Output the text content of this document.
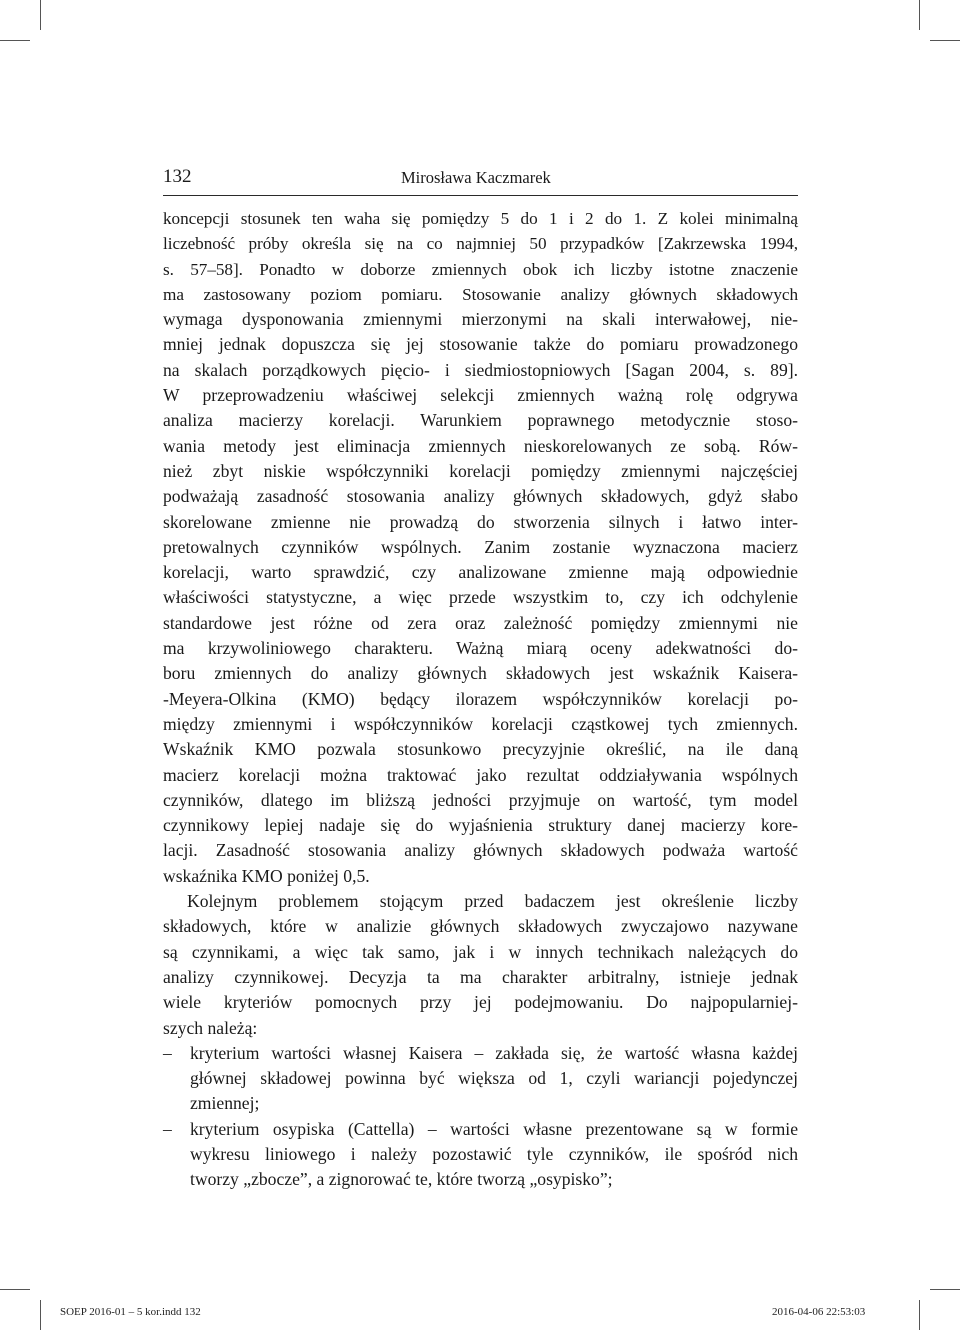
132	Mirosława Kaczmarek
koncepcji stosunek ten waha się pomiędzy 5 do 1 i 2 do 1. Z kolei minimalną
liczebność próby określa się na co najmniej 50 przypadków [Zakrzewska 1994,
s. 57–58]. Ponadto w doborze zmiennych obok ich liczby istotne znaczenie
ma zastosowany poziom pomiaru. Stosowanie analizy głównych składowych
wymaga dysponowania zmiennymi mierzonymi na skali interwałowej, nie-
mniej jednak dopuszcza się jej stosowanie także do pomiaru prowadzonego
na skalach porządkowych pięcio- i siedmiostopniowych [Sagan 2004, s. 89].
W przeprowadzeniu właściwej selekcji zmiennych ważną rolę odgrywa
analiza macierzy korelacji. Warunkiem poprawnego metodycznie stoso-
wania metody jest eliminacja zmiennych nieskorelowanych ze sobą. Rów-
nież zbyt niskie współczynniki korelacji pomiędzy zmiennymi najczęściej
podważają zasadność stosowania analizy głównych składowych, gdyż słabo
skorelowane zmienne nie prowadzą do stworzenia silnych i łatwo inter-
pretowalnych czynników wspólnych. Zanim zostanie wyznaczona macierz
korelacji, warto sprawdzić, czy analizowane zmienne mają odpowiednie
właściwości statystyczne, a więc przede wszystkim to, czy ich odchylenie
standardowe jest różne od zera oraz zależność pomiędzy zmiennymi nie
ma krzywoliniowego charakteru. Ważną miarą oceny adekwatności do-
boru zmiennych do analizy głównych składowych jest wskaźnik Kaisera-
-Meyera-Olkina (KMO) będący ilorazem współczynników korelacji po-
między zmiennymi i współczynników korelacji cząstkowej tych zmiennych.
Wskaźnik KMO pozwala stosunkowo precyzyjnie określić, na ile daną
macierz korelacji można traktować jako rezultat oddziaływania wspólnych
czynników, dlatego im bliższą jedności przyjmuje on wartość, tym model
czynnikowy lepiej nadaje się do wyjaśnienia struktury danej macierzy kore-
lacji. Zasadność stosowania analizy głównych składowych podważa wartość
wskaźnika KMO poniżej 0,5.
Kolejnym problemem stojącym przed badaczem jest określenie liczby
składowych, które w analizie głównych składowych zwyczajowo nazywane
są czynnikami, a więc tak samo, jak i w innych technikach należących do
analizy czynnikowej. Decyzja ta ma charakter arbitralny, istnieje jednak
wiele kryteriów pomocnych przy jej podejmowaniu. Do najpopularniej-
szych należą:
– kryterium wartości własnej Kaisera – zakłada się, że wartość własna każdej
głównej składowej powinna być większa od 1, czyli wariancji pojedynczej
zmiennej;
– kryterium osypiska (Cattella) – wartości własne prezentowane są w formie
wykresu liniowego i należy pozostawić tyle czynników, ile spośród nich
tworzy „zbocze”, a zignorować te, które tworzą „osypisko”;
SOEP 2016-01 – 5 kor.indd 132	2016-04-06 22:53:03
